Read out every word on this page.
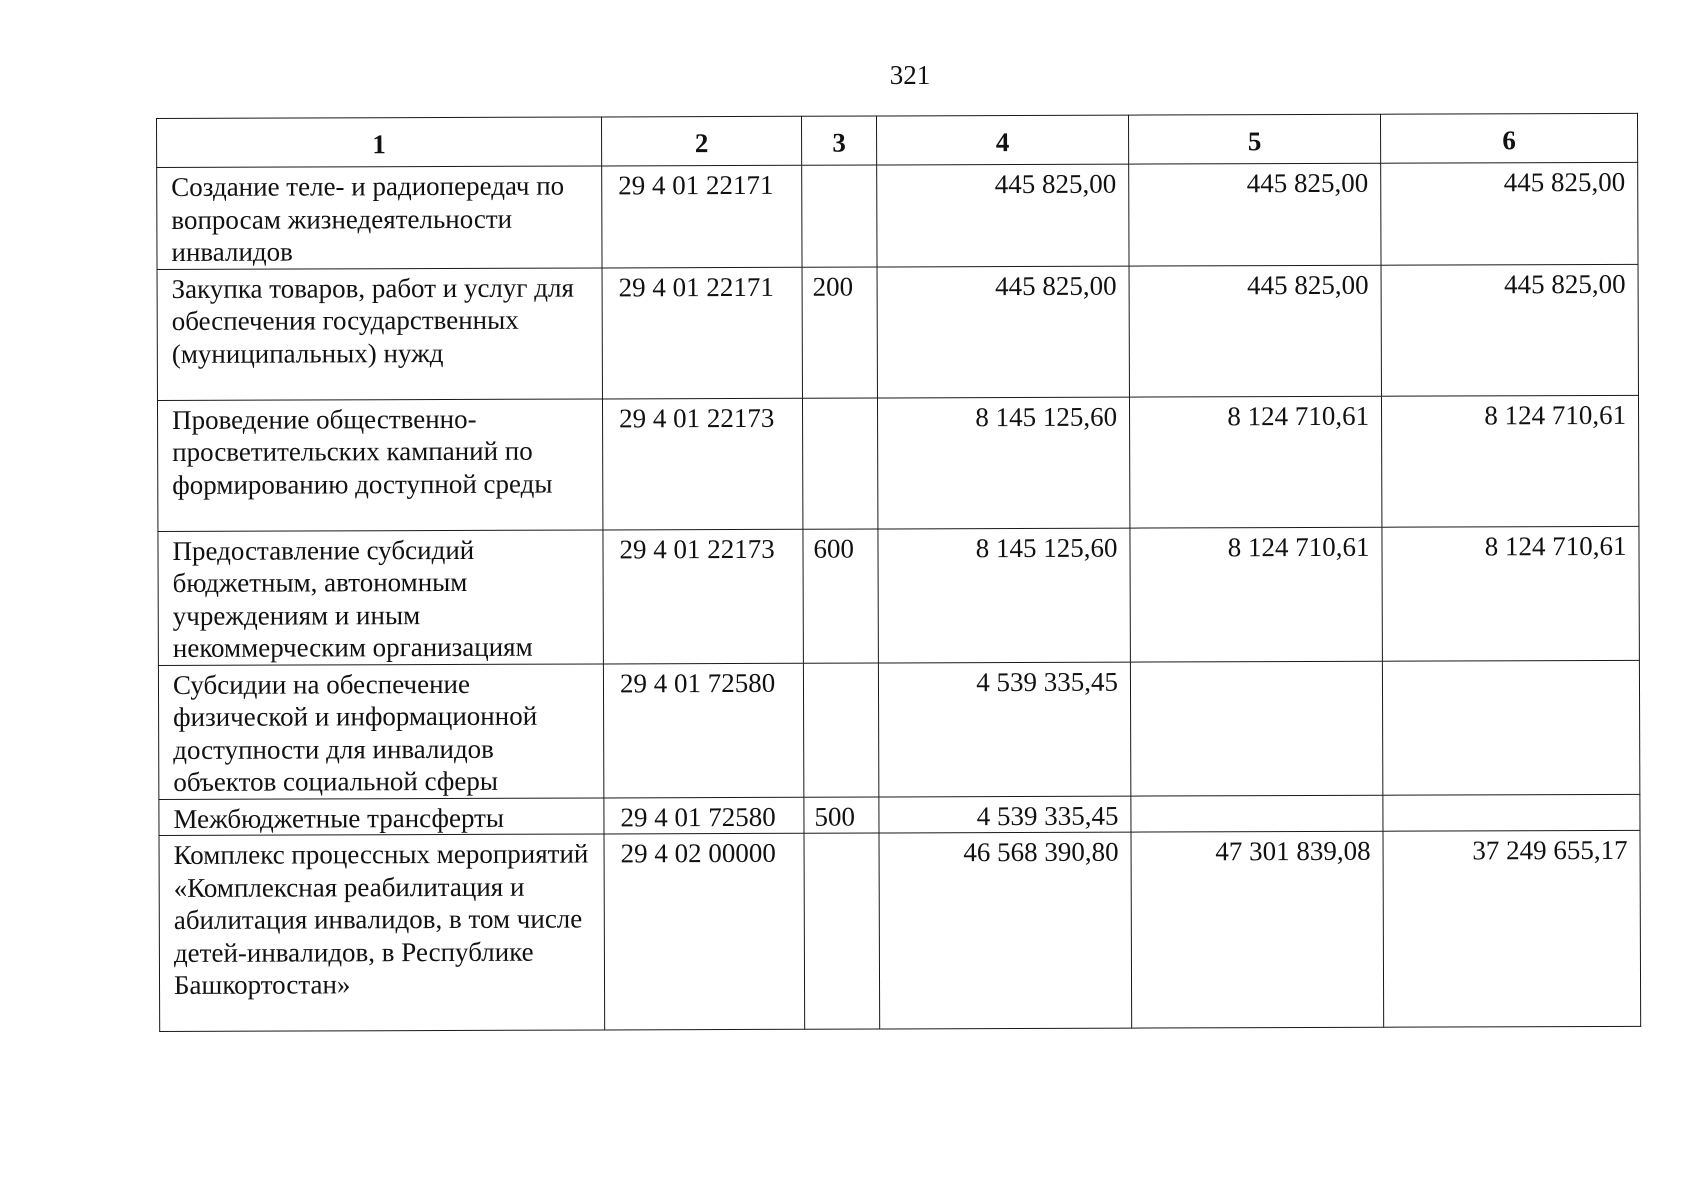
321
1	2	3	4	5	6
Создание теле- и радиопередач по вопросам жизнедеятельности инвалидов	29 4 01 22171		445 825,00	445 825,00	445 825,00
Закупка товаров, работ и услуг для обеспечения государственных (муниципальных) нужд	29 4 01 22171	200	445 825,00	445 825,00	445 825,00
Проведение общественно-просветительских кампаний по формированию доступной среды	29 4 01 22173		8 145 125,60	8 124 710,61	8 124 710,61
Предоставление субсидий бюджетным, автономным учреждениям и иным некоммерческим организациям	29 4 01 22173	600	8 145 125,60	8 124 710,61	8 124 710,61
Субсидии на обеспечение физической и информационной доступности для инвалидов объектов социальной сферы	29 4 01 72580		4 539 335,45		
Межбюджетные трансферты	29 4 01 72580	500	4 539 335,45		
Комплекс процессных мероприятий «Комплексная реабилитация и абилитация инвалидов, в том числе детей-инвалидов, в Республике Башкортостан»	29 4 02 00000		46 568 390,80	47 301 839,08	37 249 655,17
